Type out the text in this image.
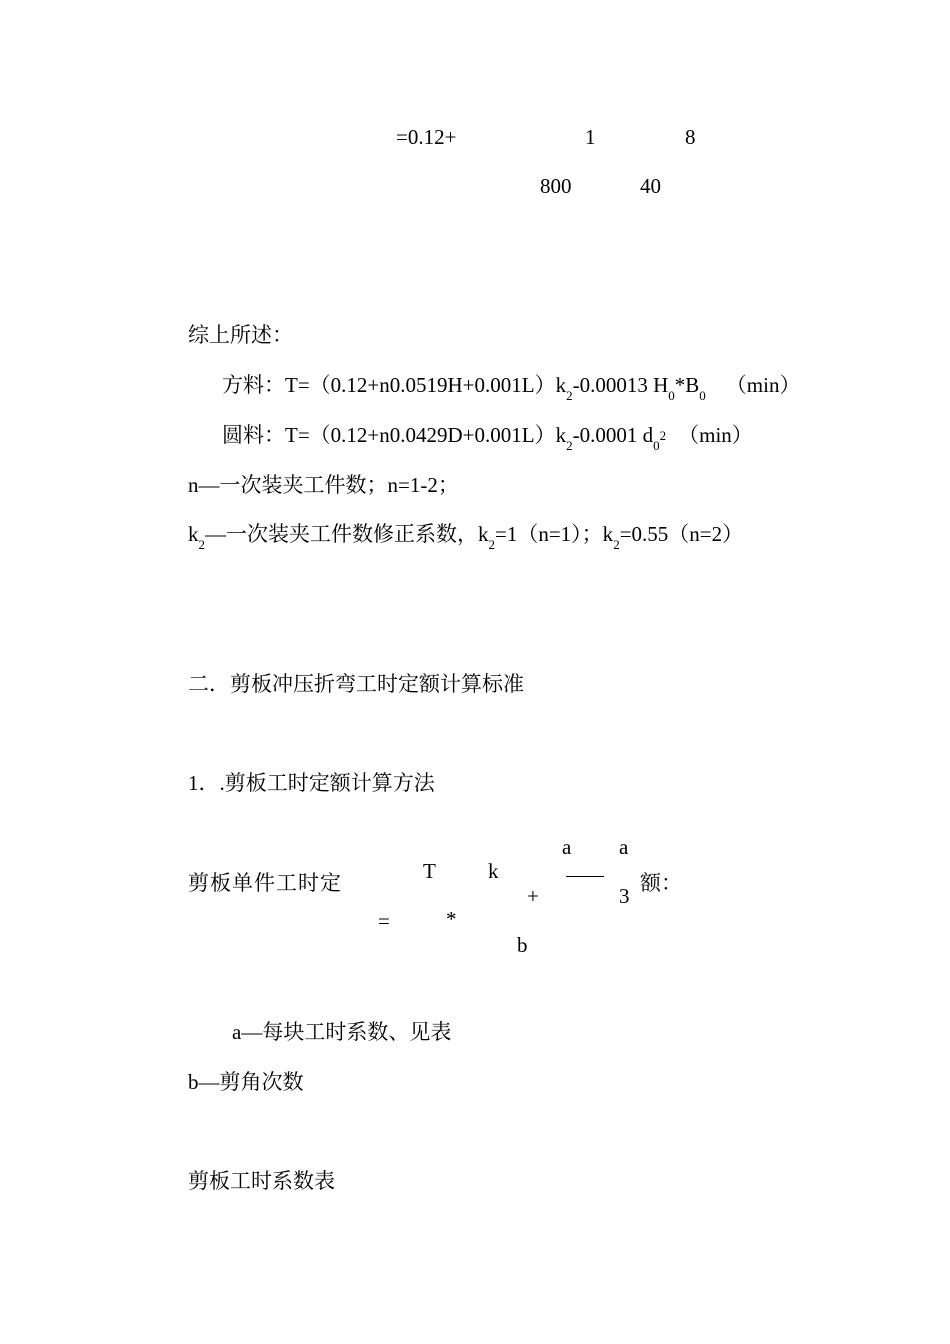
=0.12+	1	8
800	40
综上所述：
方料：$T=(0.12+n0.0519H+0.001L)k_2-0.00013$ $H_0*B_0$ （min）
圆料：$T=(0.12+n0.0429D+0.001L)k_2-0.0001$ $d_02$ （min）
n—一次装夹工件数；n=1-2；
$k_2—$一次装夹工件数修正系数，$k_2=1(n=1)$；$k_2=0.55(n=2)$
二．剪板冲压折弯工时定额计算标准
1．.剪板工时定额计算方法
剪板单件工时定	T k
a a
+	3
额：
=	*
b
a—每块工时系数、见表
b—剪角次数
剪板工时系数表
